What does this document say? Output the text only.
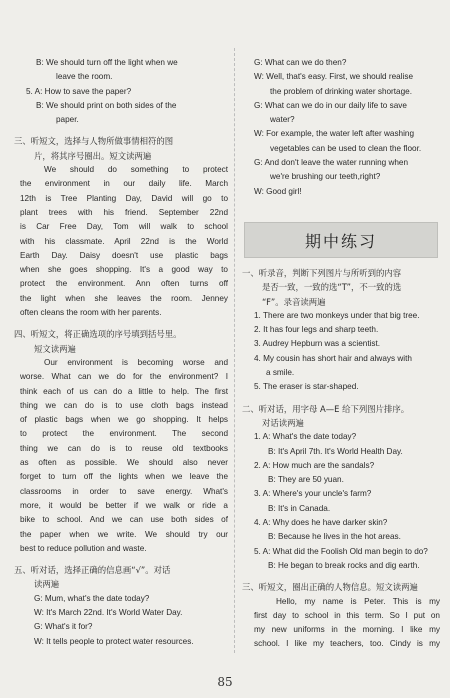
B: We should turn off the light when we
leave the room.
5. A: How to save the paper?
B: We should print on both sides of the
paper.
三、听短文，选择与人物所做事情相符的图
片，将其序号圈出。短文读两遍
We should do something to protect
the environment in our daily life. March
12th is Tree Planting Day, David will go to
plant trees with his friend. September 22nd
is Car Free Day, Tom will walk to school
with his classmate. April 22nd is the World
Earth Day. Daisy doesn't use plastic bags
when she goes shopping. It's a good way to
protect the environment. Ann often turns off
the light when she leaves the room. Jenney
often cleans the room with her parents.
四、听短文，将正确选项的序号填到括号里。
短文读两遍
Our environment is becoming worse and
worse. What can we do for the environment? I
think each of us can do a little to help. The first
thing we can do is to use cloth bags instead
of plastic bags when we go shopping. It helps
to protect the environment. The second
thing we can do is to reuse old textbooks
as often as possible. We should also never
forget to turn off the lights when we leave the
classrooms in order to save energy. What's
more, it would be better if we walk or ride a
bike to school. And we can use both sides of
the paper when we write. We should try our
best to reduce pollution and waste.
五、听对话，选择正确的信息画“√”。对话
读两遍
G: Mum, what's the date today?
W: It's March 22nd. It's World Water Day.
G: What's it for?
W: It tells people to protect water resources.
G: What can we do then?
W: Well, that's easy. First, we should realise
the problem of drinking water shortage.
G: What can we do in our daily life to save
water?
W: For example, the water left after washing
vegetables can be used to clean the floor.
G: And don't leave the water running when
we're brushing our teeth,right?
W: Good girl!
期中练习
一、听录音，判断下列图片与所听到的内容
是否一致，一致的选“T”，不一致的选
“F”。录音读两遍
1. There are two monkeys under that big tree.
2. It has four legs and sharp teeth.
3. Audrey Hepburn was a scientist.
4. My cousin has short hair and always with
a smile.
5. The eraser is star-shaped.
二、听对话，用字母 A—E 给下列图片排序。
对话读两遍
1. A: What's the date today?
B: It's April 7th. It's World Health Day.
2. A: How much are the sandals?
B: They are 50 yuan.
3. A: Where's your uncle's farm?
B: It's in Canada.
4. A: Why does he have darker skin?
B: Because he lives in the hot areas.
5. A: What did the Foolish Old man begin to do?
B: He began to break rocks and dig earth.
三、听短文，圈出正确的人物信息。短文读两遍
Hello, my name is Peter. This is my
first day to school in this term. So I put on
my new uniforms in the morning. I like my
school. I like my teachers, too. Cindy is my
85
